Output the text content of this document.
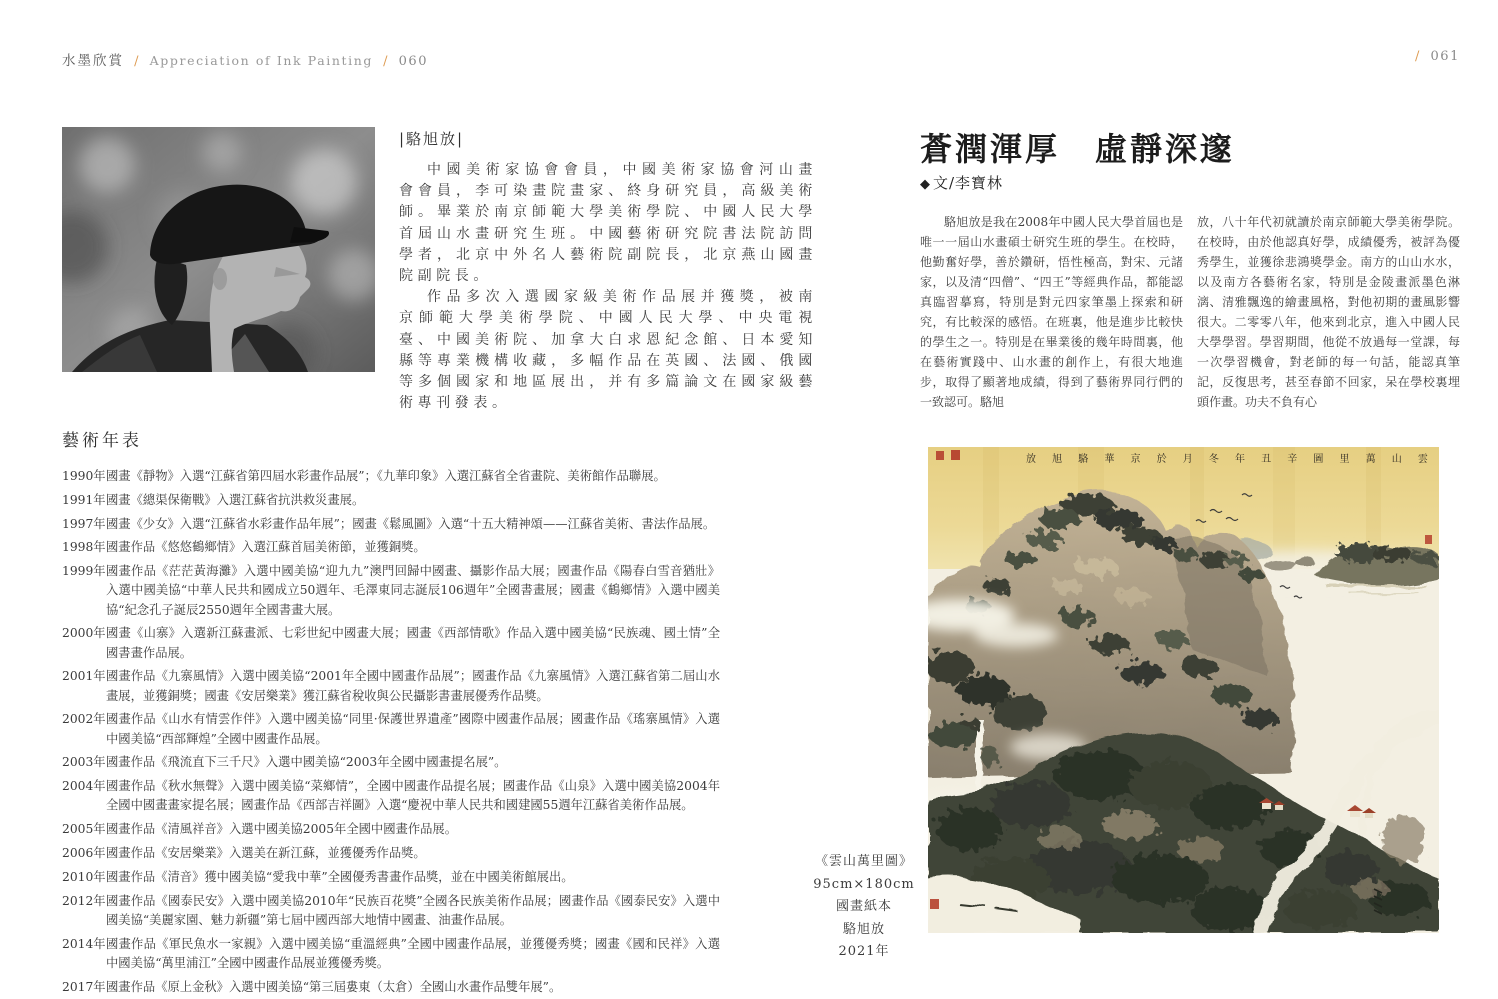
水墨欣賞 / Appreciation of Ink Painting / 060	/ 061
|駱旭放|

中國美術家協會會員，中國美術家協會河山畫會會員，李可染畫院畫家、終身研究員，高級美術師。畢業於南京師範大學美術學院、中國人民大學首屆山水畫研究生班。中國藝術研究院書法院訪問學者，北京中外名人藝術院副院長，北京燕山國畫院副院長。

作品多次入選國家級美術作品展并獲獎，被南京師範大學美術學院、中國人民大學、中央電視臺、中國美術院、加拿大白求恩紀念館、日本愛知縣等專業機構收藏，多幅作品在英國、法國、俄國等多個國家和地區展出，并有多篇論文在國家級藝術專刊發表。

藝術年表
1990年 國畫《靜物》入選“江蘇省第四屆水彩畫作品展”；《九華印象》入選江蘇省全省畫院、美術館作品聯展。
1991年 國畫《總渠保衛戰》入選江蘇省抗洪救災畫展。
1997年 國畫《少女》入選“江蘇省水彩畫作品年展”；國畫《鬆風圖》入選“十五大精神頌——江蘇省美術、書法作品展。
1998年 國畫作品《悠悠鶴鄉情》入選江蘇首屆美術節，並獲銅獎。
1999年 國畫作品《茫茫黃海灘》入選中國美協“迎九九”澳門回歸中國畫、攝影作品大展；國畫作品《陽春白雪音猶壯》入選中國美協“中華人民共和國成立50週年、毛澤東同志誕辰106週年”全國書畫展；國畫《鶴鄉情》入選中國美協“紀念孔子誕辰2550週年全國書畫大展。
2000年 國畫《山寨》入選新江蘇畫派、七彩世紀中國畫大展；國畫《西部情歌》作品入選中國美協“民族魂、國土情”全國書畫作品展。
2001年 國畫作品《九寨風情》入選中國美協“2001年全國中國畫作品展”；國畫作品《九寨風情》入選江蘇省第二屆山水畫展，並獲銅獎；國畫《安居樂業》獲江蘇省稅收與公民攝影書畫展優秀作品獎。
2002年 國畫作品《山水有情雲作伴》入選中國美協“同里·保護世界遺產”國際中國畫作品展；國畫作品《瑤寨風情》入選中國美協“西部輝煌”全國中國畫作品展。
2003年 國畫作品《飛流直下三千尺》入選中國美協“2003年全國中國畫提名展”。
2004年 國畫作品《秋水無聲》入選中國美協“菜鄉情”，全國中國畫作品提名展；國畫作品《山泉》入選中國美協2004年全國中國畫畫家提名展；國畫作品《西部吉祥圖》入選“慶祝中華人民共和國建國55週年江蘇省美術作品展。
2005年 國畫作品《清風祥音》入選中國美協2005年全國中國畫作品展。
2006年 國畫作品《安居樂業》入選美在新江蘇，並獲優秀作品獎。
2010年 國畫作品《清音》獲中國美協“愛我中華”全國優秀書畫作品獎，並在中國美術館展出。
2012年 國畫作品《國泰民安》入選中國美協2010年“民族百花獎”全國各民族美術作品展；國畫作品《國泰民安》入選中國美協“美麗家園、魅力新疆”第七屆中國西部大地情中國畫、油畫作品展。
2014年 國畫作品《軍民魚水一家親》入選中國美協“重溫經典”全國中國畫作品展，並獲優秀獎；國畫《國和民祥》入選中國美協“萬里浦江”全國中國畫作品展並獲優秀獎。
2017年 國畫作品《原上金秋》入選中國美協“第三屆婁東（太倉）全國山水畫作品雙年展”。
蒼潤渾厚　虛靜深邃
◆ 文/李寶林
駱旭放是我在2008年中國人民大學首屆也是唯一一屆山水畫碩士研究生班的學生。在校時，他勤奮好學，善於鑽研，悟性極高，對宋、元諸家，以及清“四僧”、“四王”等經典作品，都能認真臨習摹寫，特別是對元四家筆墨上探索和研究，有比較深的感悟。在班裏，他是進步比較快的學生之一。特別是在畢業後的幾年時間裏，他在藝術實踐中、山水畫的創作上，有很大地進步，取得了顯著地成績，得到了藝術界同行們的一致認可。駱旭
放，八十年代初就讀於南京師範大學美術學院。在校時，由於他認真好學，成績優秀，被評為優秀學生，並獲徐悲鴻獎學金。南方的山山水水，以及南方各藝術名家，特別是金陵畫派墨色淋漓、清雅飄逸的繪畫風格，對他初期的畫風影響很大。二零零八年，他來到北京，進入中國人民大學學習。學習期間，他從不放過每一堂課，每一次學習機會，對老師的每一句話，能認真筆記，反復思考，甚至春節不回家，呆在學校裏埋頭作畫。功夫不負有心
雲
山
萬
里
圖
辛
丑
年
冬
月
於
京
華
駱
旭
放
《雲山萬里圖》
95cm×180cm
國畫紙本
駱旭放
2021年
